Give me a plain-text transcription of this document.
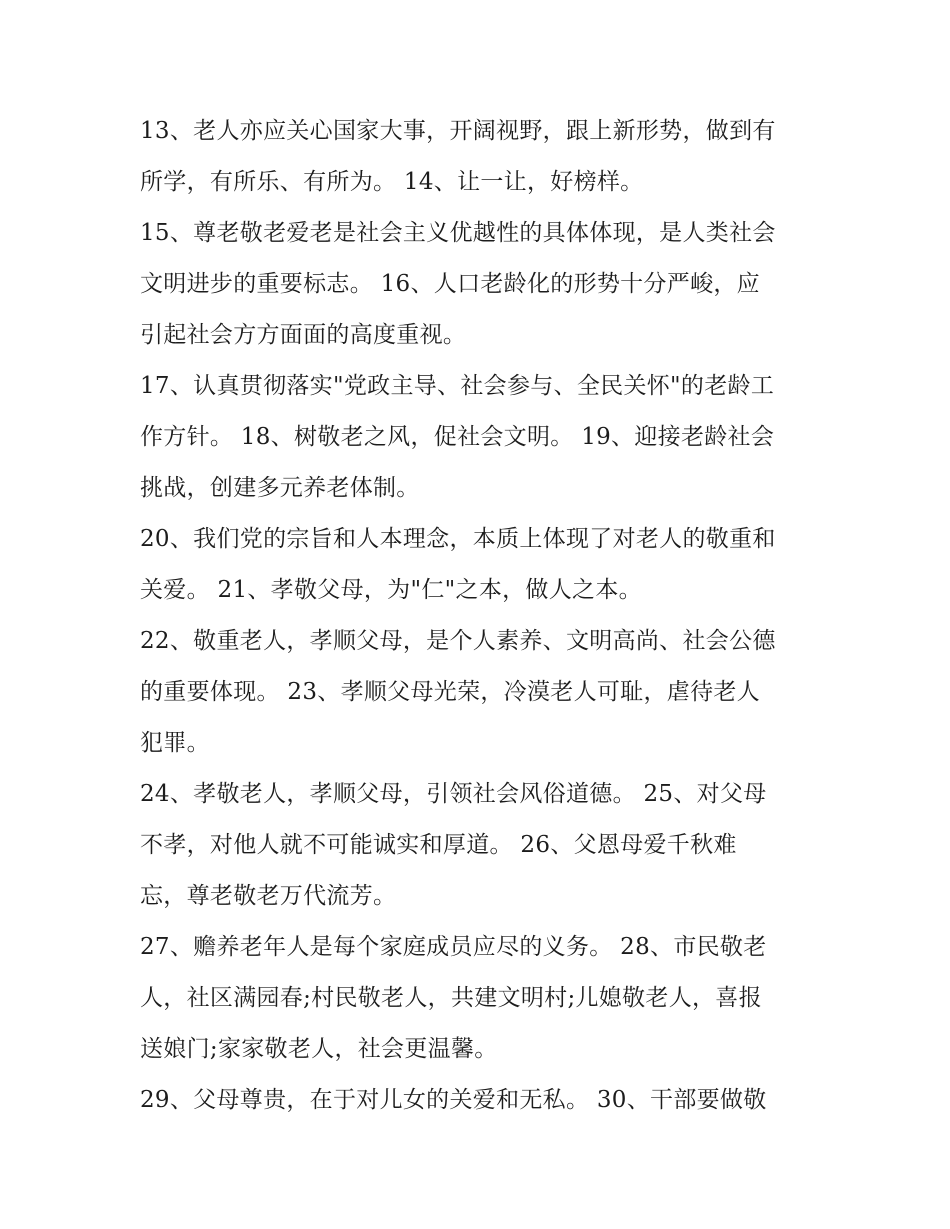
13、老人亦应关心国家大事，开阔视野，跟上新形势，做到有
所学，有所乐、有所为。 14、让一让，好榜样。
15、尊老敬老爱老是社会主义优越性的具体体现，是人类社会
文明进步的重要标志。 16、人口老龄化的形势十分严峻，应
引起社会方方面面的高度重视。
17、认真贯彻落实"党政主导、社会参与、全民关怀"的老龄工
作方针。 18、树敬老之风，促社会文明。 19、迎接老龄社会
挑战，创建多元养老体制。
20、我们党的宗旨和人本理念，本质上体现了对老人的敬重和
关爱。 21、孝敬父母，为"仁"之本，做人之本。
22、敬重老人，孝顺父母，是个人素养、文明高尚、社会公德
的重要体现。 23、孝顺父母光荣，冷漠老人可耻，虐待老人
犯罪。
24、孝敬老人，孝顺父母，引领社会风俗道德。 25、对父母
不孝，对他人就不可能诚实和厚道。 26、父恩母爱千秋难
忘，尊老敬老万代流芳。
27、赡养老年人是每个家庭成员应尽的义务。 28、市民敬老
人，社区满园春;村民敬老人，共建文明村;儿媳敬老人，喜报
送娘门;家家敬老人，社会更温馨。
29、父母尊贵，在于对儿女的关爱和无私。 30、干部要做敬
